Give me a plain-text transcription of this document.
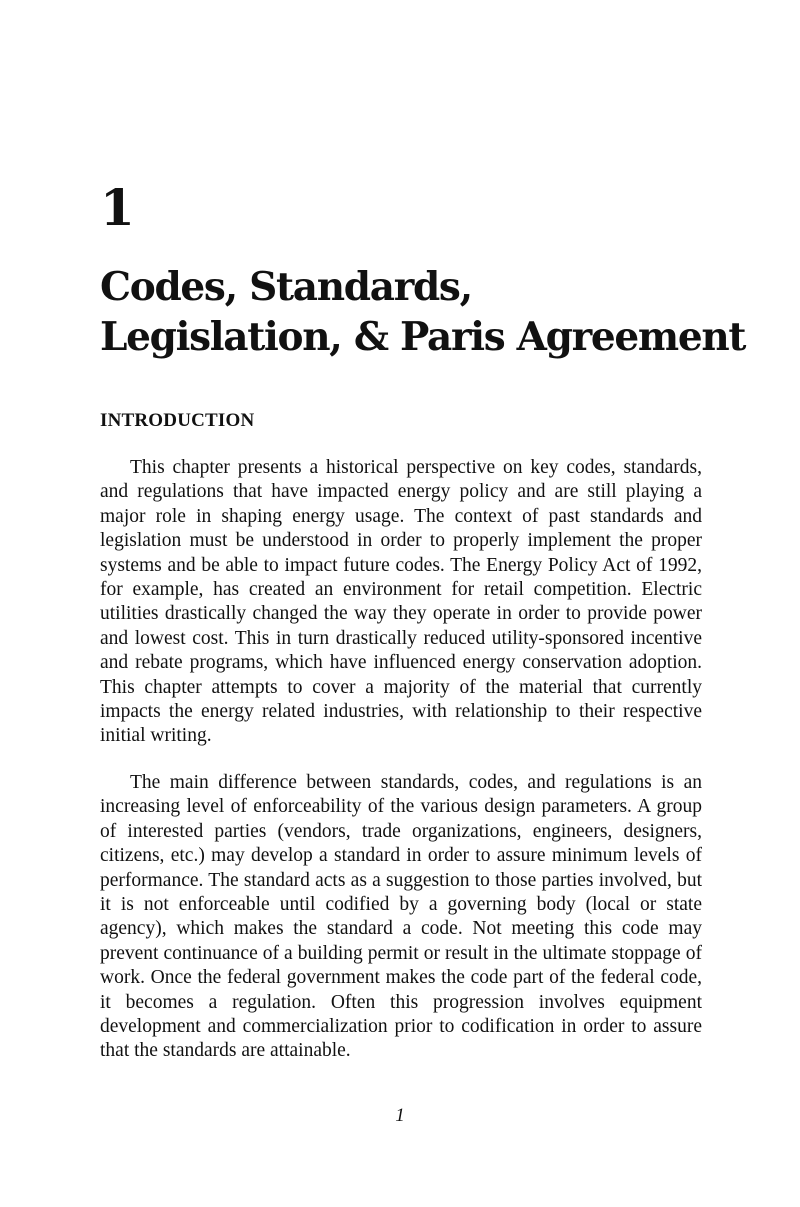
1
Codes, Standards,
Legislation, & Paris Agreement
INTRODUCTION

This chapter presents a historical perspective on key codes, standards, and regulations that have impacted energy policy and are still playing a major role in shaping energy usage. The context of past standards and legislation must be understood in order to properly implement the proper systems and be able to impact future codes. The Energy Policy Act of 1992, for example, has created an environment for retail competition. Electric utilities drastically changed the way they operate in order to provide power and lowest cost. This in turn drastically reduced utility-sponsored incentive and rebate programs, which have influenced energy conservation adoption. This chapter attempts to cover a majority of the material that currently impacts the energy related industries, with relationship to their respective initial writing.

The main difference between standards, codes, and regulations is an increasing level of enforceability of the various design parameters. A group of interested parties (vendors, trade organizations, engineers, designers, citizens, etc.) may develop a standard in order to assure minimum levels of performance. The standard acts as a suggestion to those parties involved, but it is not enforceable until codified by a governing body (local or state agency), which makes the standard a code. Not meeting this code may prevent continuance of a building permit or result in the ultimate stoppage of work. Once the federal government makes the code part of the federal code, it becomes a regulation. Often this progression involves equipment development and commercialization prior to codification in order to assure that the standards are attainable.

1
